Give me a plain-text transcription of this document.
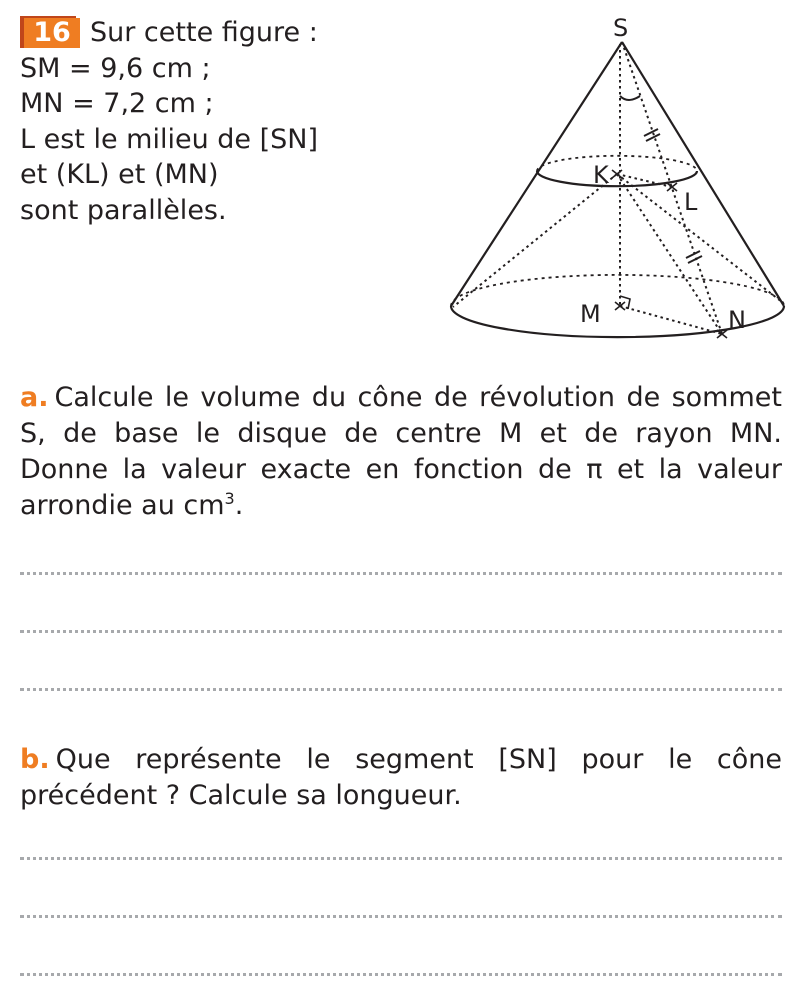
16 Sur cette figure :
SM = 9,6 cm ;
MN = 7,2 cm ;
L est le milieu de [SN]
et (KL) et (MN)
sont parallèles.
S
K
L
M	N
a. Calcule le volume du cône de révolution de sommet S, de base le disque de centre M et de rayon MN. Donne la valeur exacte en fonction de π et la valeur arrondie au $cm^3$.
b. Que représente le segment [SN] pour le cône précédent ? Calcule sa longueur.
